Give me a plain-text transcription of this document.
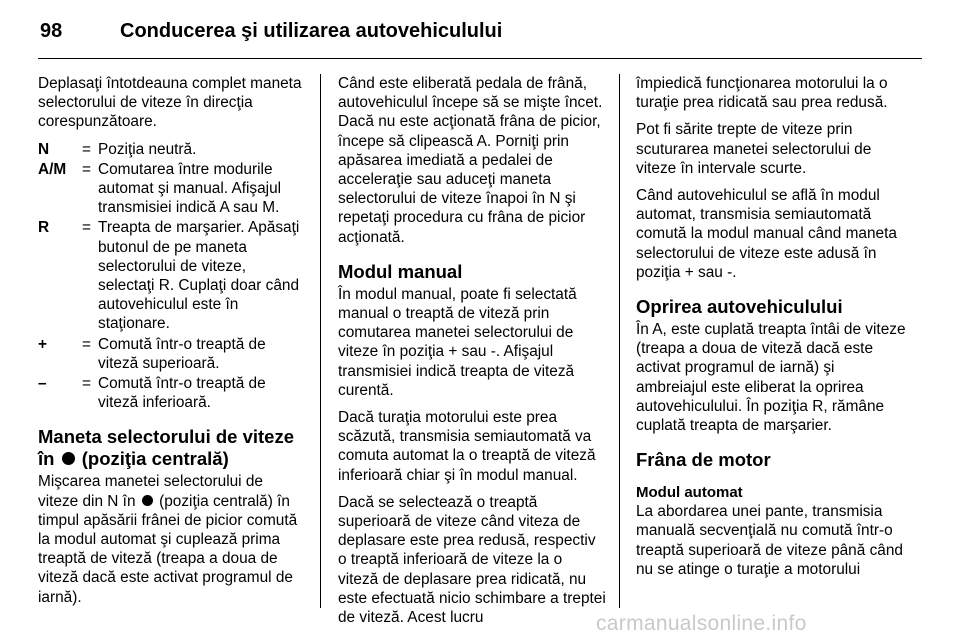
98	Conducerea şi utilizarea autovehiculului

Deplasaţi întotdeauna complet maneta selectorului de viteze în direcţia corespunzătoare.

N	= Poziţia neutră.
A/M	= Comutarea între modurile automat şi manual. Afişajul transmisiei indică A sau M.
R	= Treapta de marşarier. Apăsaţi butonul de pe maneta selectorului de viteze, selectaţi R. Cuplaţi doar când autovehiculul este în staţionare.
+	= Comută într-o treaptă de viteză superioară.
–	= Comută într-o treaptă de viteză inferioară.
Maneta selectorului de viteze în (poziţia centrală)

Mişcarea manetei selectorului de viteze din N în (poziţia centrală) în timpul apăsării frânei de picior comută la modul automat şi cuplează prima treaptă de viteză (treapa a doua de viteză dacă este activat programul de iarnă).

Când este eliberată pedala de frână, autovehiculul începe să se mişte încet. Dacă nu este acţionată frâna de picior, începe să clipească A. Porniţi prin apăsarea imediată a pedalei de acceleraţie sau aduceţi maneta selectorului de viteze înapoi în N şi repetaţi procedura cu frâna de picior acţionată.

Modul manual

În modul manual, poate fi selectată manual o treaptă de viteză prin comutarea manetei selectorului de viteze în poziţia + sau -. Afişajul transmisiei indică treapta de viteză curentă.

Dacă turaţia motorului este prea scăzută, transmisia semiautomată va comuta automat la o treaptă de viteză inferioară chiar şi în modul manual.

Dacă se selectează o treaptă superioară de viteze când viteza de deplasare este prea redusă, respectiv o treaptă inferioară de viteze la o viteză de deplasare prea ridicată, nu este efectuată nicio schimbare a treptei de viteză. Acest lucru

împiedică funcţionarea motorului la o turaţie prea ridicată sau prea redusă.

Pot fi sărite trepte de viteze prin scuturarea manetei selectorului de viteze în intervale scurte.

Când autovehiculul se află în modul automat, transmisia semiautomată comută la modul manual când maneta selectorului de viteze este adusă în poziţia + sau -.

Oprirea autovehiculului

În A, este cuplată treapta întâi de viteze (treapa a doua de viteză dacă este activat programul de iarnă) şi ambreiajul este eliberat la oprirea autovehiculului. În poziţia R, rămâne cuplată treapta de marşarier.

Frâna de motor
Modul automat

La abordarea unei pante, transmisia manuală secvenţială nu comută într-o treaptă superioară de viteze până când nu se atinge o turaţie a motorului

carmanualsonline.info
